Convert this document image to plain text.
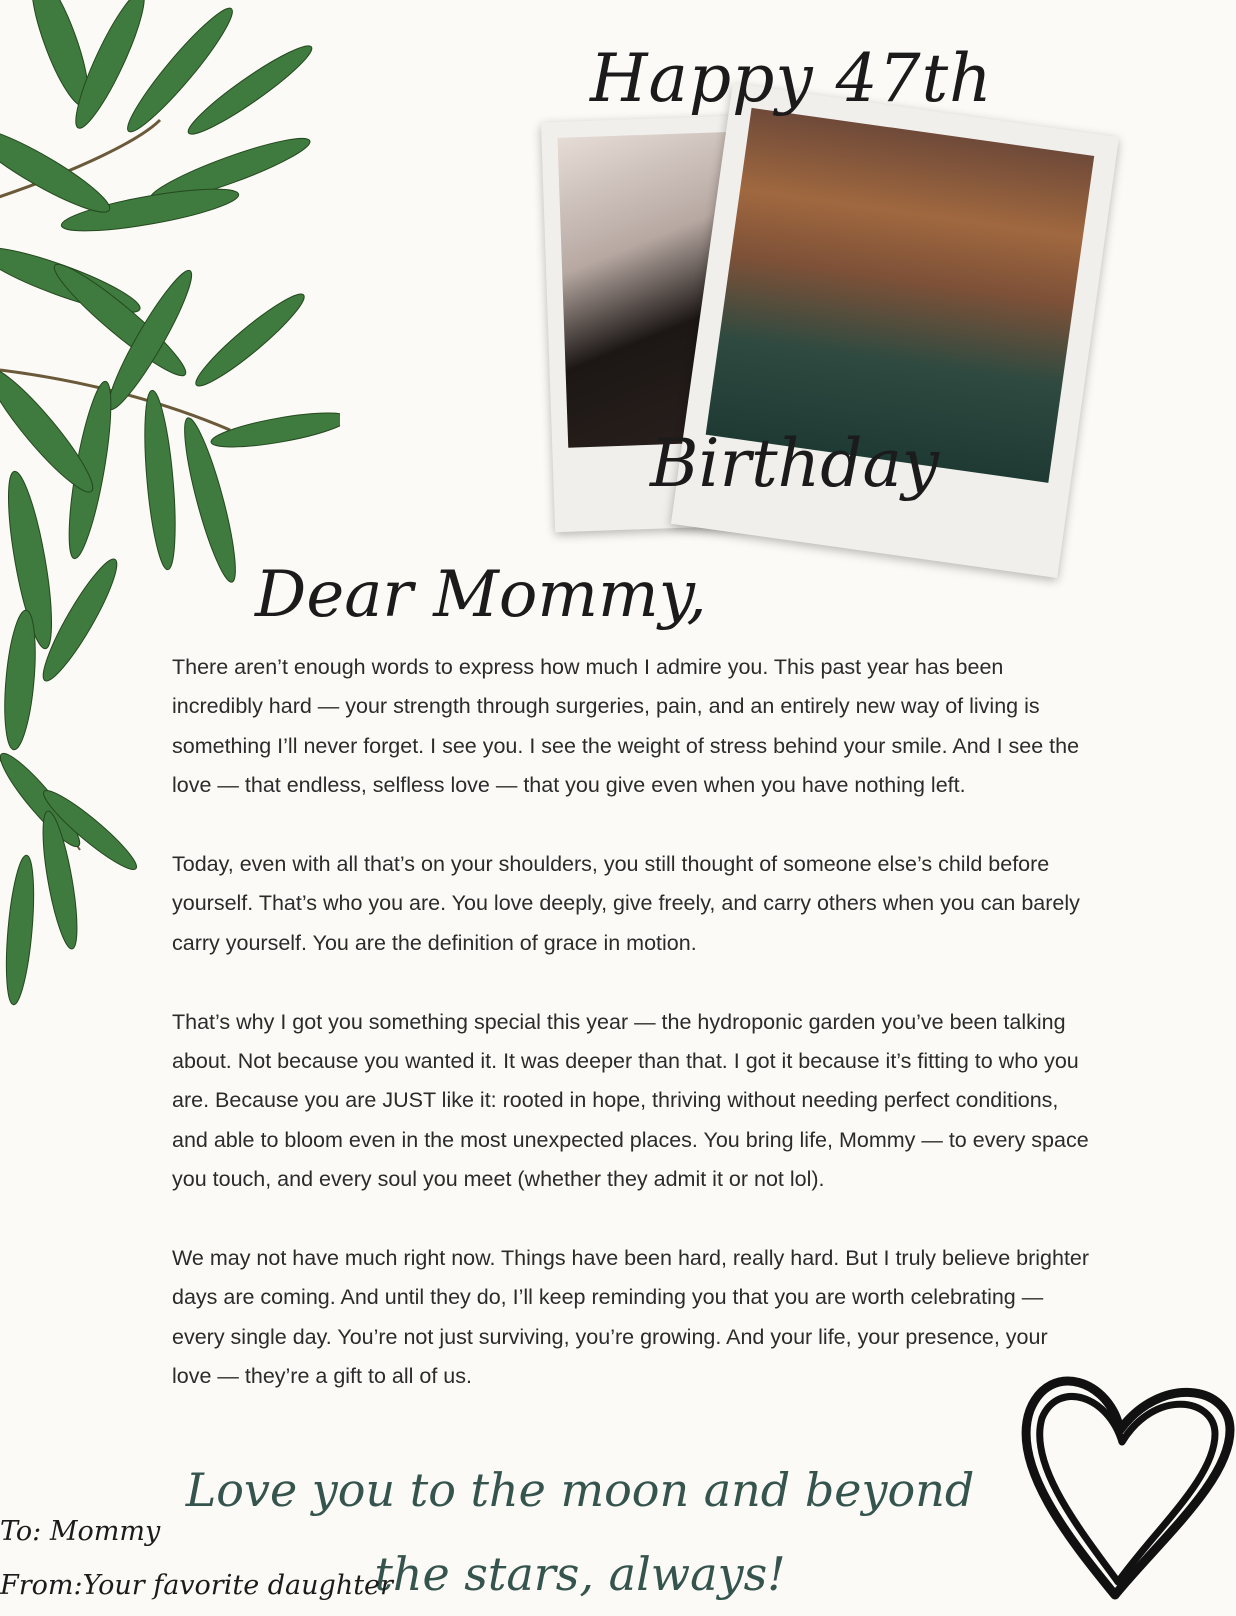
Happy 47th
Birthday
Dear Mommy,

There aren’t enough words to express how much I admire you. This past year has been incredibly hard — your strength through surgeries, pain, and an entirely new way of living is something I’ll never forget. I see you. I see the weight of stress behind your smile. And I see the love — that endless, selfless love — that you give even when you have nothing left.

Today, even with all that’s on your shoulders, you still thought of someone else’s child before yourself. That’s who you are. You love deeply, give freely, and carry others when you can barely carry yourself. You are the definition of grace in motion.

That’s why I got you something special this year — the hydroponic garden you’ve been talking about. Not because you wanted it. It was deeper than that. I got it because it’s fitting to who you are. Because you are JUST like it: rooted in hope, thriving without needing perfect conditions, and able to bloom even in the most unexpected places. You bring life, Mommy — to every space you touch, and every soul you meet (whether they admit it or not lol).

We may not have much right now. Things have been hard, really hard. But I truly believe brighter days are coming. And until they do, I’ll keep reminding you that you are worth celebrating — every single day. You’re not just surviving, you’re growing. And your life, your presence, your love — they’re a gift to all of us.

Love you to the moon and beyond the stars, always!
To: Mommy
From:Your favorite daughter
